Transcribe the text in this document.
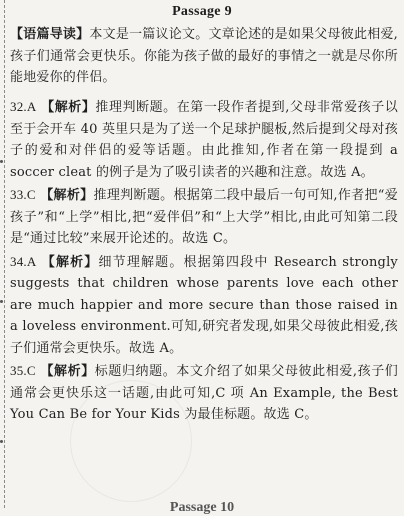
Passage 9
【语篇导读】本文是一篇议论文。文章论述的是如果父母彼此相爱,孩子们通常会更快乐。你能为孩子做的最好的事情之一就是尽你所能地爱你的伴侣。
32.A 【解析】推理判断题。在第一段作者提到,父母非常爱孩子以至于会开车 40 英里只是为了送一个足球护腿板,然后提到父母对孩子的爱和对伴侣的爱等话题。由此推知,作者在第一段提到 a soccer cleat 的例子是为了吸引读者的兴趣和注意。故选 A。
33.C 【解析】推理判断题。根据第二段中最后一句可知,作者把“爱孩子”和“上学”相比,把“爱伴侣”和“上大学”相比,由此可知第二段是“通过比较”来展开论述的。故选 C。
34.A 【解析】细节理解题。根据第四段中 Research strongly suggests that children whose parents love each other are much happier and more secure than those raised in a loveless environment.可知,研究者发现,如果父母彼此相爱,孩子们通常会更快乐。故选 A。
35.C 【解析】标题归纳题。本文介绍了如果父母彼此相爱,孩子们通常会更快乐这一话题,由此可知,C 项 An Example, the Best You Can Be for Your Kids 为最佳标题。故选 C。
Passage 10
